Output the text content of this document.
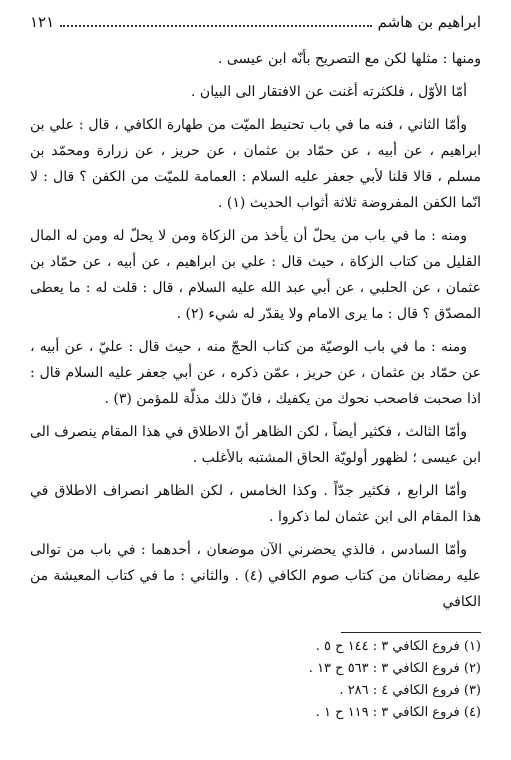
ابراهيم بن هاشم
١٢١

ومنها : مثلها لكن مع التصريح بأنّه ابن عيسى .

أمّا الأوّل ، فلكثرته أغنت عن الافتقار الى البيان .

وأمّا الثاني ، فنه ما في باب تحنيط الميّت من طهارة الكافي ، قال : علي بن ابراهيم ، عن أبيه ، عن حمّاد بن عثمان ، عن حريز ، عن زرارة ومحمّد بن مسلم ، قالا قلنا لأبي جعفر عليه السلام : العمامة للميّت من الكفن ؟ قال : لا انّما الكفن المفروضة ثلاثة أثواب الحديث (١) .

ومنه : ما في باب من يحلّ أن يأخذ من الزكاة ومن لا يحلّ له ومن له المال القليل من كتاب الزكاة ، حيث قال : علي بن ابراهيم ، عن أبيه ، عن حمّاد بن عثمان ، عن الحلبي ، عن أبي عبد الله عليه السلام ، قال : قلت له : ما يعطى المصدّق ؟ قال : ما يرى الامام ولا يقدّر له شيء (٢) .

ومنه : ما في باب الوصيّة من كتاب الحجّ منه ، حيث قال : عليّ ، عن أبيه ، عن حمّاد بن عثمان ، عن حريز ، عمّن ذكره ، عن أبي جعفر عليه السلام قال : اذا صحبت فاصحب نحوك من يكفيك ، فانّ ذلك مذلّة للمؤمن (٣) .

وأمّا الثالث ، فكثير أيضاً ، لكن الظاهر أنّ الاطلاق في هذا المقام ينصرف الى ابن عيسى ؛ لظهور أولويّة الحاق المشتبه بالأغلب .

وأمّا الرابع ، فكثير جدّاً . وكذا الخامس ، لكن الظاهر انصراف الاطلاق في هذا المقام الى ابن عثمان لما ذكروا .

وأمّا السادس ، فالذي يحضرني الآن موضعان ، أحدهما : في باب من توالى عليه رمضانان من كتاب صوم الكافي (٤) . والثاني : ما في كتاب المعيشة من الكافي

(١) فروع الكافي ٣ : ١٤٤ ح ٥ .
(٢) فروع الكافي ٣ : ٥٦٣ ح ١٣ .
(٣) فروع الكافي ٤ : ٢٨٦ .
(٤) فروع الكافي ٣ : ١١٩ ح ١ .
